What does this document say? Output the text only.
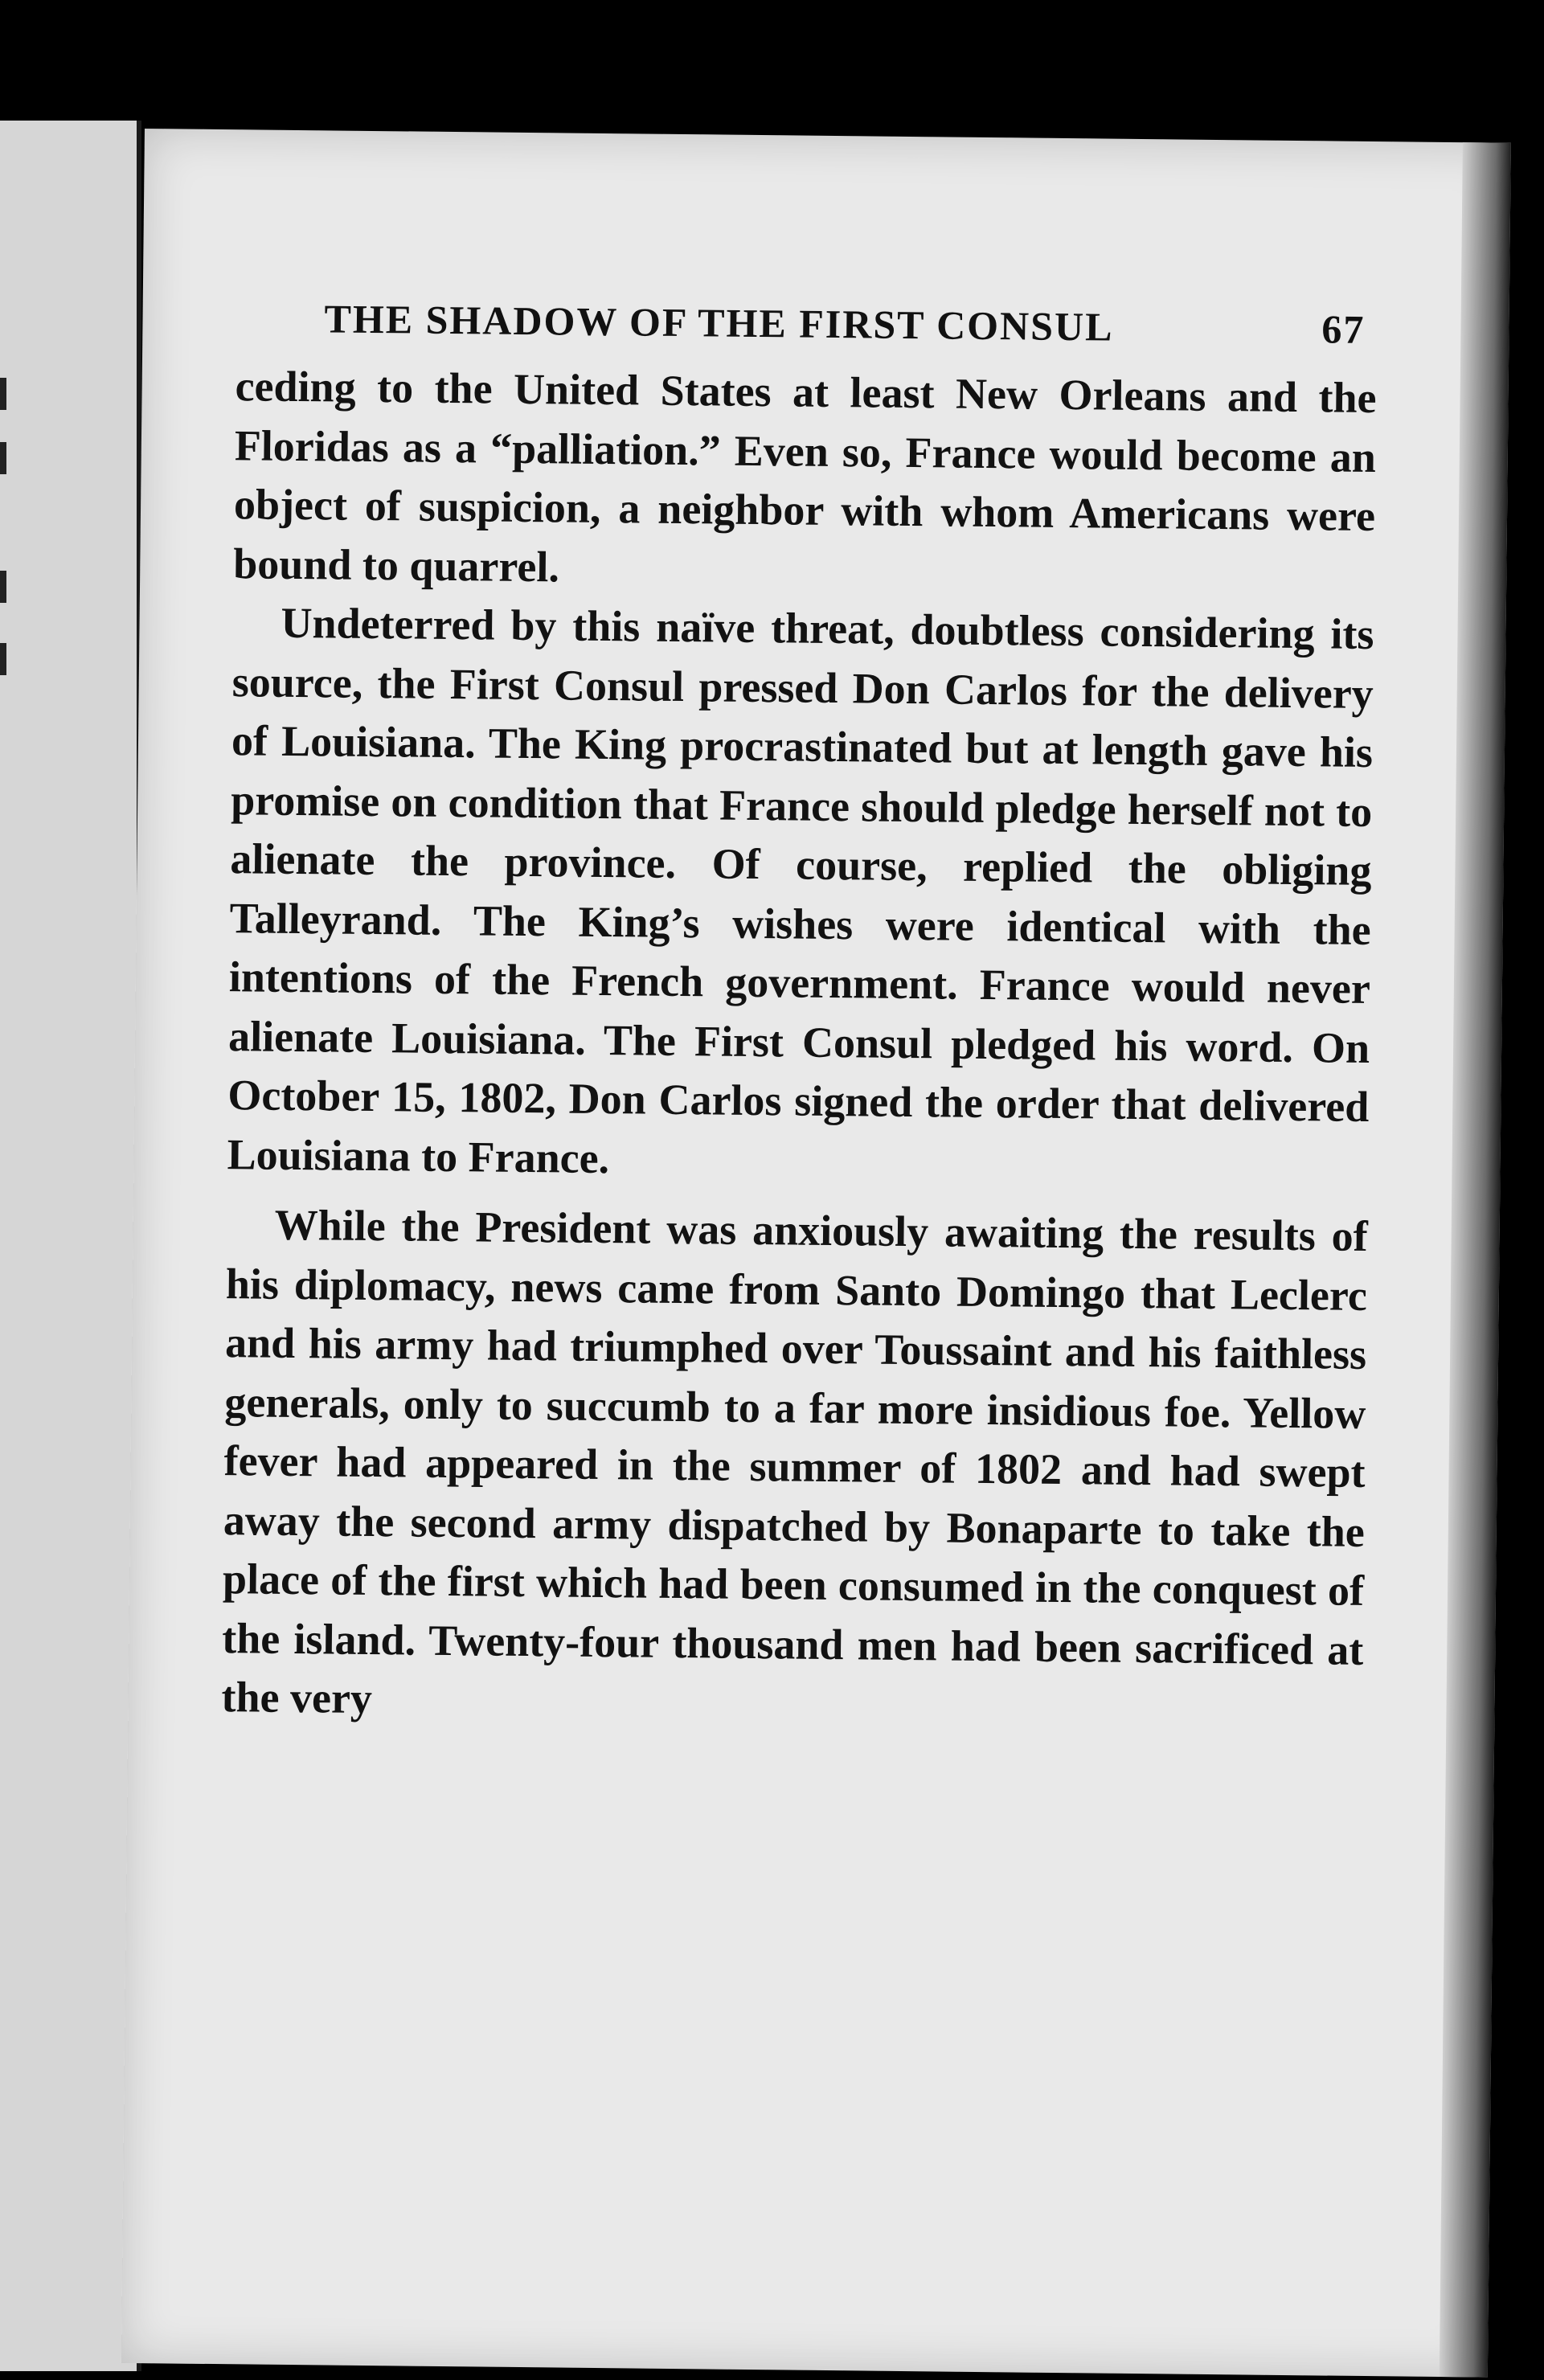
THE SHADOW OF THE FIRST CONSUL	67

ceding to the United States at least New Orleans and the Floridas as a “palliation.” Even so, France would become an object of suspicion, a neighbor with whom Americans were bound to quarrel.

Undeterred by this naïve threat, doubtless considering its source, the First Consul pressed Don Carlos for the delivery of Louisiana. The King procrastinated but at length gave his promise on condition that France should pledge herself not to alienate the province. Of course, replied the obliging Talleyrand. The King’s wishes were identical with the intentions of the French government. France would never alienate Louisiana. The First Consul pledged his word. On October 15, 1802, Don Carlos signed the order that delivered Louisiana to France.

While the President was anxiously awaiting the results of his diplomacy, news came from Santo Domingo that Leclerc and his army had triumphed over Toussaint and his faithless generals, only to succumb to a far more insidious foe. Yellow fever had appeared in the summer of 1802 and had swept away the second army dispatched by Bonaparte to take the place of the first which had been consumed in the conquest of the island. Twenty-four thousand men had been sacrificed at the very
